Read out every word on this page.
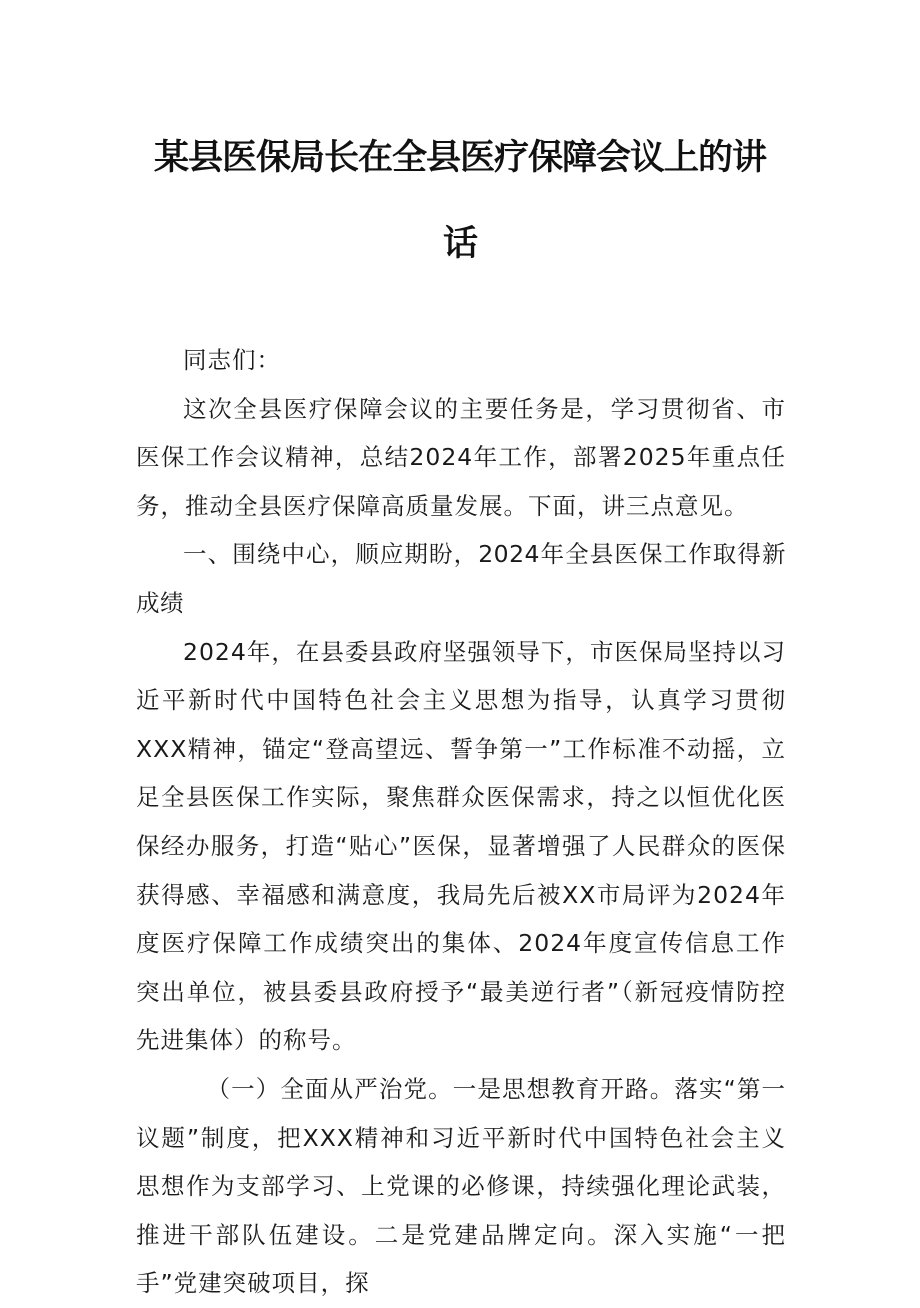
某县医保局长在全县医疗保障会议上的讲
话

同志们：

这次全县医疗保障会议的主要任务是，学习贯彻省、市医保工作会议精神，总结2024年工作，部署2025年重点任务，推动全县医疗保障高质量发展。下面，讲三点意见。

一、围绕中心，顺应期盼，2024年全县医保工作取得新成绩

2024年，在县委县政府坚强领导下，市医保局坚持以习近平新时代中国特色社会主义思想为指导，认真学习贯彻XXX精神，锚定“登高望远、誓争第一”工作标准不动摇，立足全县医保工作实际，聚焦群众医保需求，持之以恒优化医保经办服务，打造“贴心”医保，显著增强了人民群众的医保获得感、幸福感和满意度，我局先后被XX市局评为2024年度医疗保障工作成绩突出的集体、2024年度宣传信息工作突出单位，被县委县政府授予“最美逆行者”（新冠疫情防控先进集体）的称号。

（一）全面从严治党。一是思想教育开路。落实“第一议题”制度，把XXX精神和习近平新时代中国特色社会主义思想作为支部学习、上党课的必修课，持续强化理论武装，推进干部队伍建设。二是党建品牌定向。深入实施“一把手”党建突破项目，探
